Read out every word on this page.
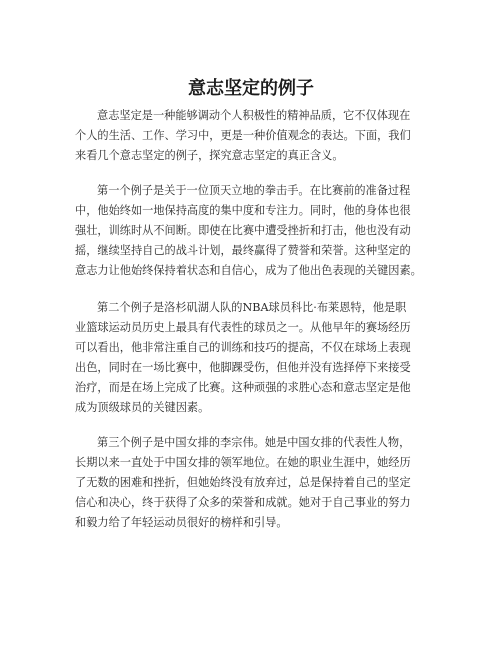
意志坚定的例子

意志坚定是一种能够调动个人积极性的精神品质，它不仅体现在

个人的生活、工作、学习中，更是一种价值观念的表达。下面，我们

来看几个意志坚定的例子，探究意志坚定的真正含义。

第一个例子是关于一位顶天立地的拳击手。在比赛前的准备过程

中，他始终如一地保持高度的集中度和专注力。同时，他的身体也很

强壮，训练时从不间断。即使在比赛中遭受挫折和打击，他也没有动

摇，继续坚持自己的战斗计划，最终赢得了赞誉和荣誉。这种坚定的

意志力让他始终保持着状态和自信心，成为了他出色表现的关键因素。

第二个例子是洛杉矶湖人队的NBA球员科比·布莱恩特，他是职

业篮球运动员历史上最具有代表性的球员之一。从他早年的赛场经历

可以看出，他非常注重自己的训练和技巧的提高，不仅在球场上表现

出色，同时在一场比赛中，他脚踝受伤，但他并没有选择停下来接受

治疗，而是在场上完成了比赛。这种顽强的求胜心态和意志坚定是他

成为顶级球员的关键因素。

第三个例子是中国女排的李宗伟。她是中国女排的代表性人物，

长期以来一直处于中国女排的领军地位。在她的职业生涯中，她经历

了无数的困难和挫折，但她始终没有放弃过，总是保持着自己的坚定

信心和决心，终于获得了众多的荣誉和成就。她对于自己事业的努力

和毅力给了年轻运动员很好的榜样和引导。
